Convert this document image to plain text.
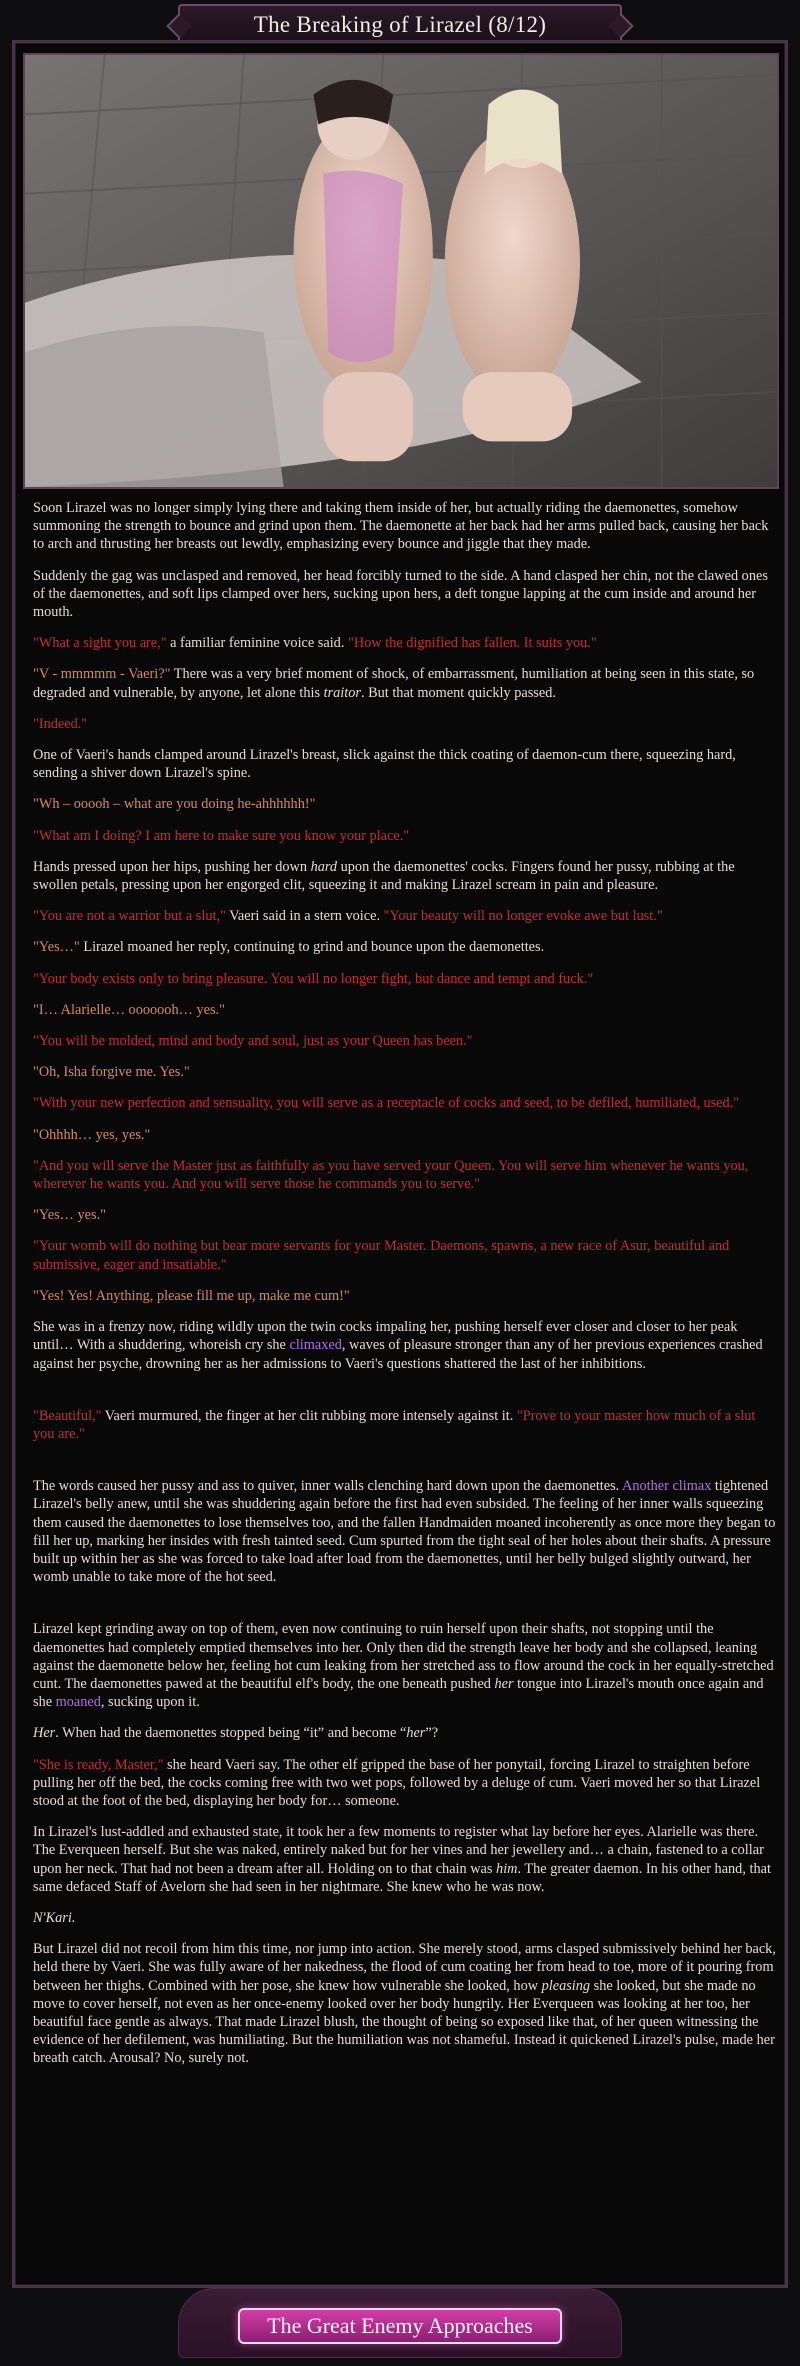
The Breaking of Lirazel (8/12)

Soon Lirazel was no longer simply lying there and taking them inside of her, but actually riding the daemonettes, somehow summoning the strength to bounce and grind upon them. The daemonette at her back had her arms pulled back, causing her back to arch and thrusting her breasts out lewdly, emphasizing every bounce and jiggle that they made.

Suddenly the gag was unclasped and removed, her head forcibly turned to the side. A hand clasped her chin, not the clawed ones of the daemonettes, and soft lips clamped over hers, sucking upon hers, a deft tongue lapping at the cum inside and around her mouth.

"What a sight you are," a familiar feminine voice said. "How the dignified has fallen. It suits you."

"V - mmmmm - Vaeri?" There was a very brief moment of shock, of embarrassment, humiliation at being seen in this state, so degraded and vulnerable, by anyone, let alone this traitor. But that moment quickly passed.

"Indeed."

One of Vaeri's hands clamped around Lirazel's breast, slick against the thick coating of daemon-cum there, squeezing hard, sending a shiver down Lirazel's spine.

"Wh – ooooh – what are you doing he-ahhhhhh!"

"What am I doing? I am here to make sure you know your place."

Hands pressed upon her hips, pushing her down hard upon the daemonettes' cocks. Fingers found her pussy, rubbing at the swollen petals, pressing upon her engorged clit, squeezing it and making Lirazel scream in pain and pleasure.

"You are not a warrior but a slut," Vaeri said in a stern voice. "Your beauty will no longer evoke awe but lust."

"Yes…" Lirazel moaned her reply, continuing to grind and bounce upon the daemonettes.

"Your body exists only to bring pleasure. You will no longer fight, but dance and tempt and fuck."

"I… Alarielle… ooooooh… yes."

"You will be molded, mind and body and soul, just as your Queen has been."

"Oh, Isha forgive me. Yes."

"With your new perfection and sensuality, you will serve as a receptacle of cocks and seed, to be defiled, humiliated, used."

"Ohhhh… yes, yes."

"And you will serve the Master just as faithfully as you have served your Queen. You will serve him whenever he wants you, wherever he wants you. And you will serve those he commands you to serve."

"Yes… yes."

"Your womb will do nothing but bear more servants for your Master. Daemons, spawns, a new race of Asur, beautiful and submissive, eager and insatiable."

"Yes! Yes! Anything, please fill me up, make me cum!"

She was in a frenzy now, riding wildly upon the twin cocks impaling her, pushing herself ever closer and closer to her peak until… With a shuddering, whoreish cry she climaxed, waves of pleasure stronger than any of her previous experiences crashed against her psyche, drowning her as her admissions to Vaeri's questions shattered the last of her inhibitions.

"Beautiful," Vaeri murmured, the finger at her clit rubbing more intensely against it. "Prove to your master how much of a slut you are."

The words caused her pussy and ass to quiver, inner walls clenching hard down upon the daemonettes. Another climax tightened Lirazel's belly anew, until she was shuddering again before the first had even subsided. The feeling of her inner walls squeezing them caused the daemonettes to lose themselves too, and the fallen Handmaiden moaned incoherently as once more they began to fill her up, marking her insides with fresh tainted seed. Cum spurted from the tight seal of her holes about their shafts. A pressure built up within her as she was forced to take load after load from the daemonettes, until her belly bulged slightly outward, her womb unable to take more of the hot seed.

Lirazel kept grinding away on top of them, even now continuing to ruin herself upon their shafts, not stopping until the daemonettes had completely emptied themselves into her. Only then did the strength leave her body and she collapsed, leaning against the daemonette below her, feeling hot cum leaking from her stretched ass to flow around the cock in her equally-stretched cunt. The daemonettes pawed at the beautiful elf's body, the one beneath pushed her tongue into Lirazel's mouth once again and she moaned, sucking upon it.

Her. When had the daemonettes stopped being “it” and become “her”?

"She is ready, Master," she heard Vaeri say. The other elf gripped the base of her ponytail, forcing Lirazel to straighten before pulling her off the bed, the cocks coming free with two wet pops, followed by a deluge of cum. Vaeri moved her so that Lirazel stood at the foot of the bed, displaying her body for… someone.

In Lirazel's lust-addled and exhausted state, it took her a few moments to register what lay before her eyes. Alarielle was there. The Everqueen herself. But she was naked, entirely naked but for her vines and her jewellery and… a chain, fastened to a collar upon her neck. That had not been a dream after all. Holding on to that chain was him. The greater daemon. In his other hand, that same defaced Staff of Avelorn she had seen in her nightmare. She knew who he was now.

N'Kari.

But Lirazel did not recoil from him this time, nor jump into action. She merely stood, arms clasped submissively behind her back, held there by Vaeri. She was fully aware of her nakedness, the flood of cum coating her from head to toe, more of it pouring from between her thighs. Combined with her pose, she knew how vulnerable she looked, how pleasing she looked, but she made no move to cover herself, not even as her once-enemy looked over her body hungrily. Her Everqueen was looking at her too, her beautiful face gentle as always. That made Lirazel blush, the thought of being so exposed like that, of her queen witnessing the evidence of her defilement, was humiliating. But the humiliation was not shameful. Instead it quickened Lirazel's pulse, made her breath catch. Arousal? No, surely not.

The Great Enemy Approaches
